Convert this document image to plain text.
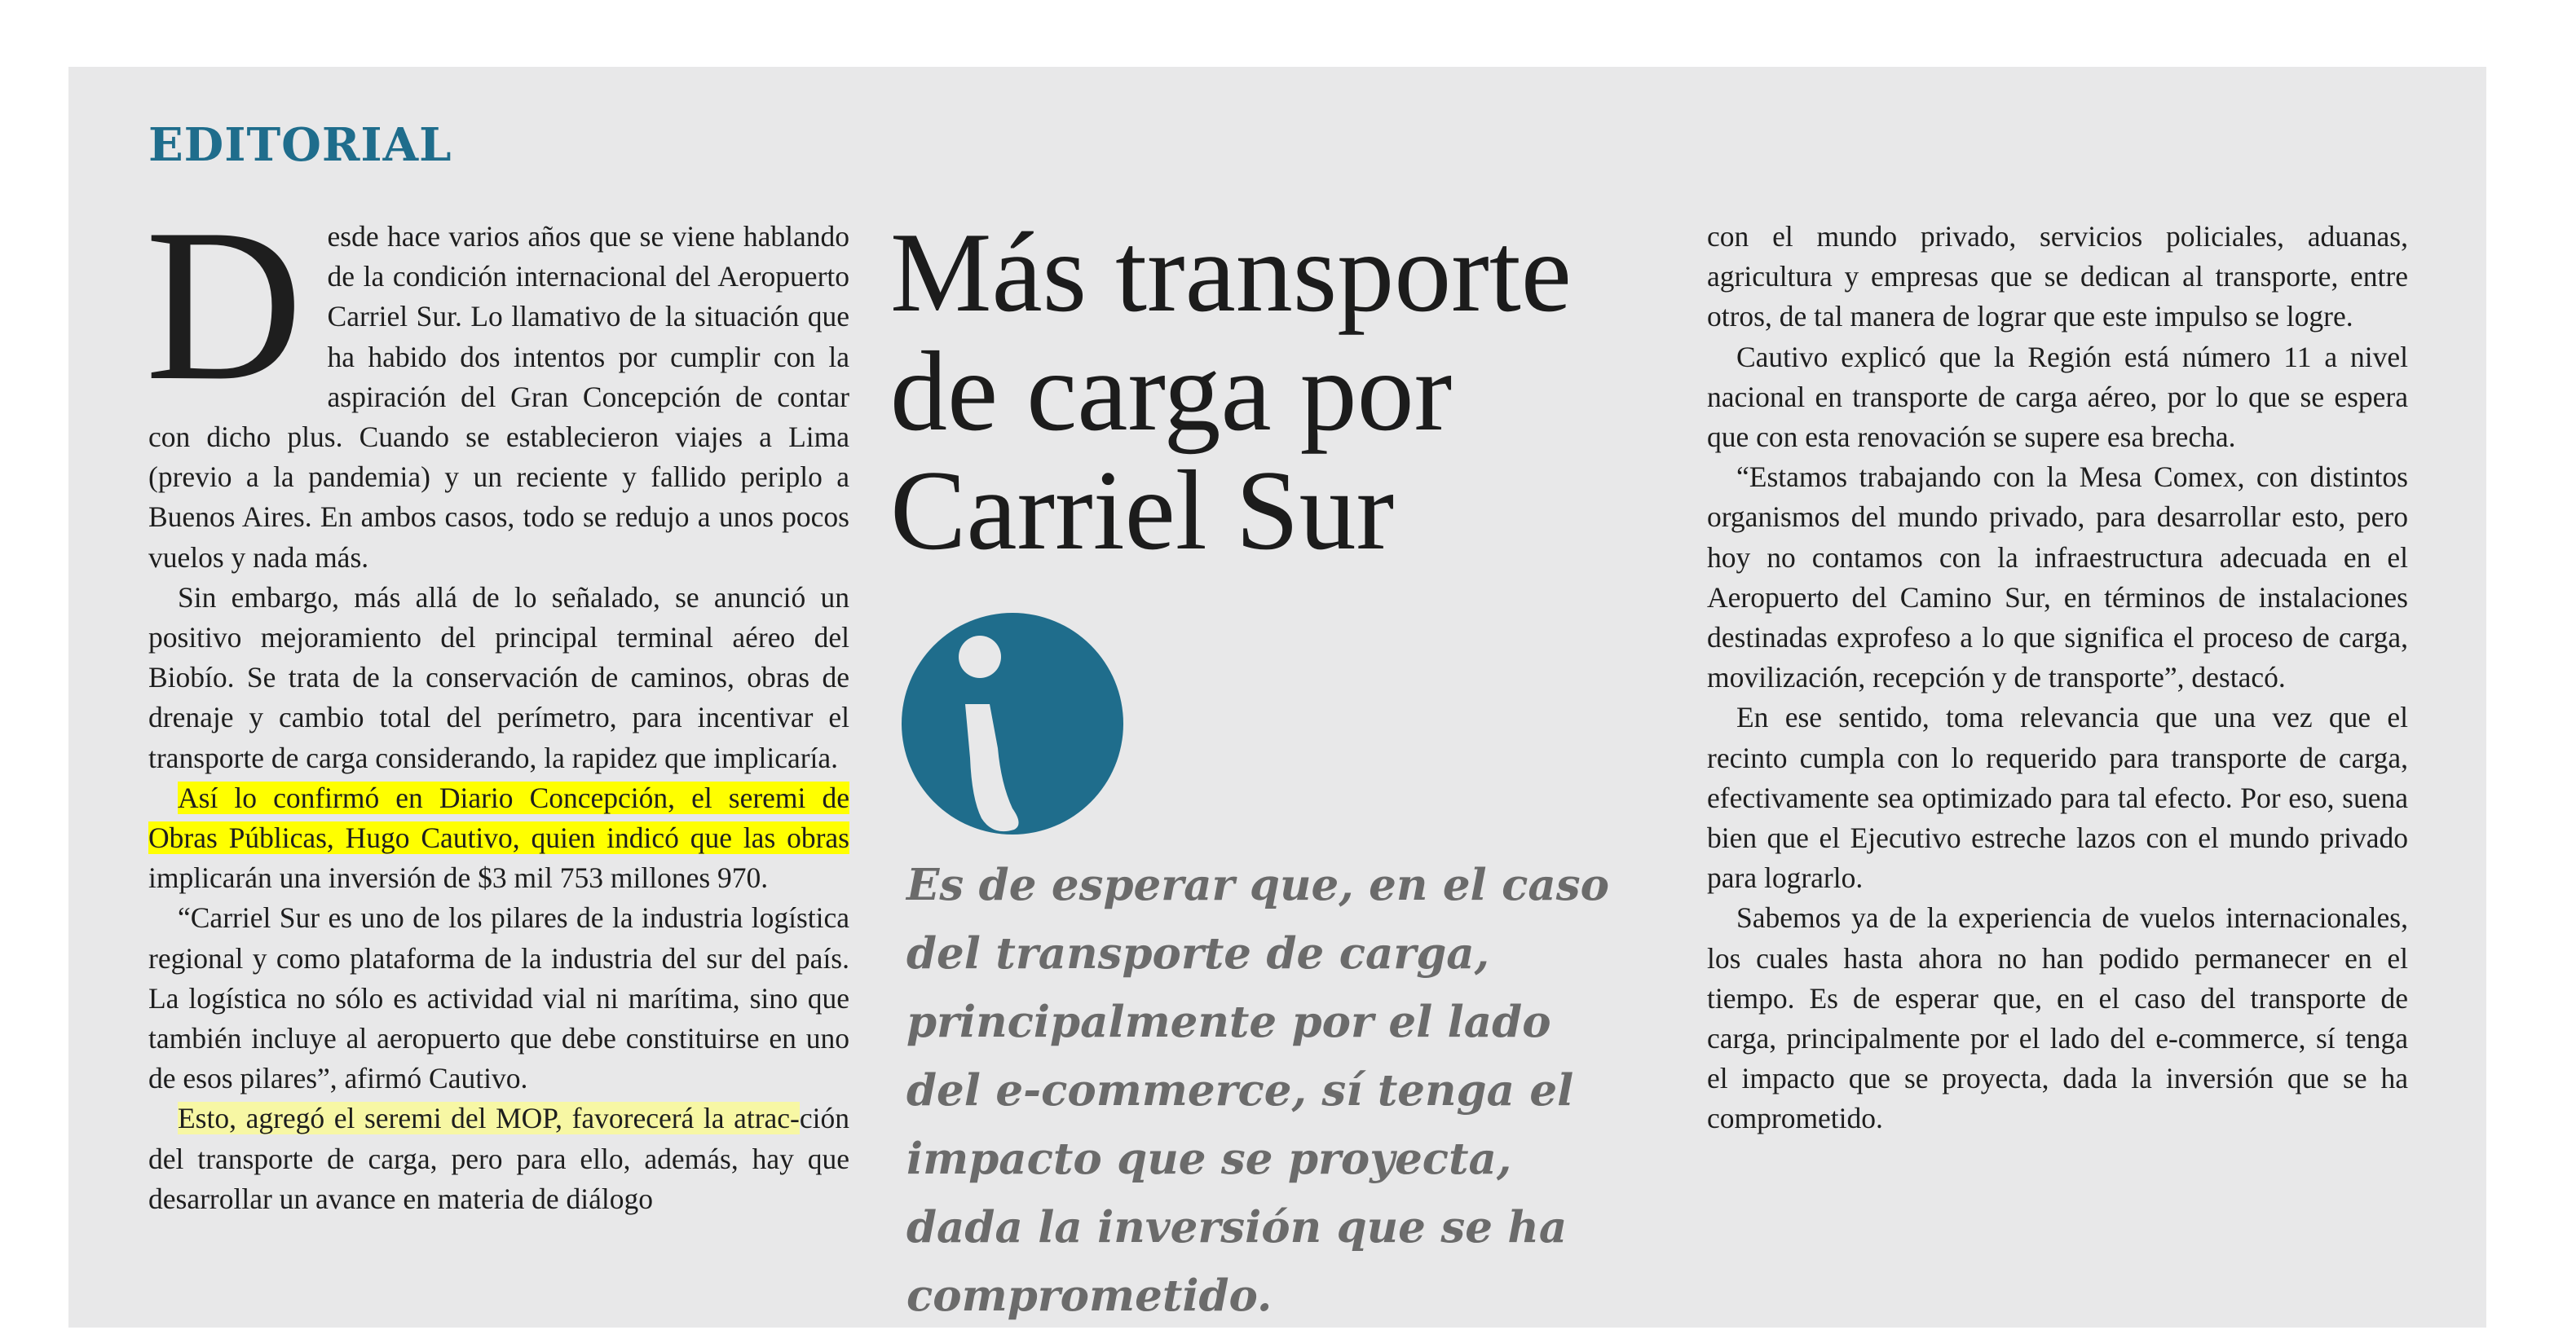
EDITORIAL
D esde hace varios años que se viene hablando de la condición internacional del Aeropuerto Carriel Sur. Lo llamativo de la situación que ha habido dos intentos por cumplir con la aspiración del Gran Concepción de contar con dicho plus. Cuando se establecieron viajes a Lima (previo a la pandemia) y un reciente y fallido periplo a Buenos Aires. En ambos casos, todo se redujo a unos pocos vuelos y nada más.

Sin embargo, más allá de lo señalado, se anunció un positivo mejoramiento del principal terminal aéreo del Biobío. Se trata de la conservación de caminos, obras de drenaje y cambio total del perímetro, para incentivar el transporte de carga considerando, la rapidez que implicaría.

Así lo confirmó en Diario Concepción, el seremi de Obras Públicas, Hugo Cautivo, quien indicó que las obras implicarán una inversión de $3 mil 753 millones 970.

“Carriel Sur es uno de los pilares de la industria logística regional y como plataforma de la industria del sur del país. La logística no sólo es actividad vial ni marítima, sino que también incluye al aeropuerto que debe constituirse en uno de esos pilares”, afirmó Cautivo.

Esto, agregó el seremi del MOP, favorecerá la atrac-ción del transporte de carga, pero para ello, además, hay que desarrollar un avance en materia de diálogo

Más transporte de carga por Carriel Sur

Es de esperar que, en el caso del transporte de carga, principalmente por el lado del e-commerce, sí tenga el impacto que se proyecta, dada la inversión que se ha comprometido.

con el mundo privado, servicios policiales, aduanas, agricultura y empresas que se dedican al transporte, entre otros, de tal manera de lograr que este impulso se logre.

Cautivo explicó que la Región está número 11 a nivel nacional en transporte de carga aéreo, por lo que se espera que con esta renovación se supere esa brecha.

“Estamos trabajando con la Mesa Comex, con distintos organismos del mundo privado, para desarrollar esto, pero hoy no contamos con la infraestructura adecuada en el Aeropuerto del Camino Sur, en términos de instalaciones destinadas exprofeso a lo que significa el proceso de carga, movilización, recepción y de transporte”, destacó.

En ese sentido, toma relevancia que una vez que el recinto cumpla con lo requerido para transporte de carga, efectivamente sea optimizado para tal efecto. Por eso, suena bien que el Ejecutivo estreche lazos con el mundo privado para lograrlo.

Sabemos ya de la experiencia de vuelos internacionales, los cuales hasta ahora no han podido permanecer en el tiempo. Es de esperar que, en el caso del transporte de carga, principalmente por el lado del e-commerce, sí tenga el impacto que se proyecta, dada la inversión que se ha comprometido.
